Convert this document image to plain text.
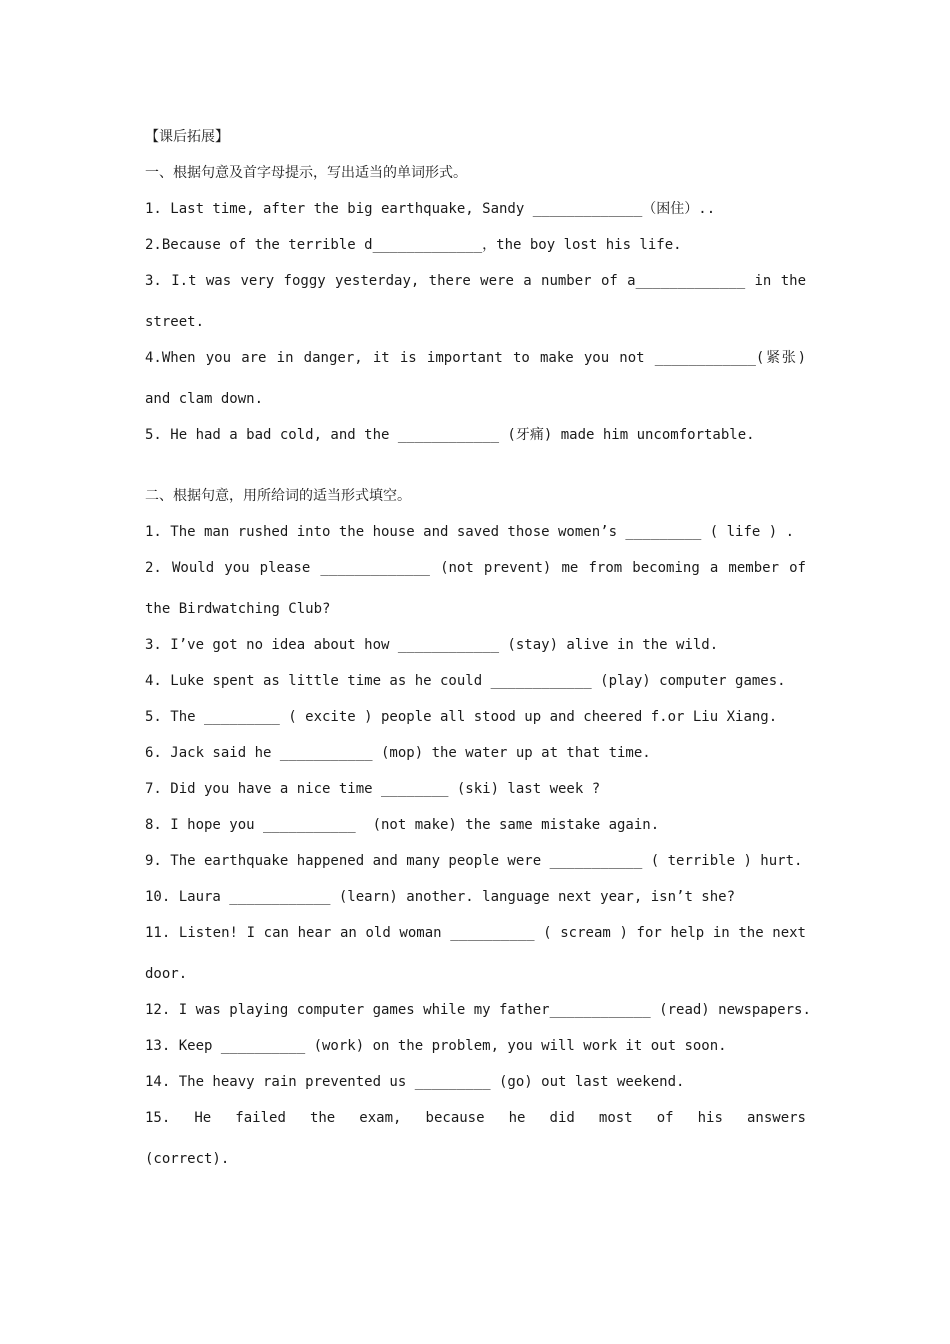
【课后拓展】
一、根据句意及首字母提示，写出适当的单词形式。
1. Last time, after the big earthquake, Sandy _____________（困住）..
2.Because of the terrible d_____________，the boy lost his life.
3. I.t was very foggy yesterday, there were a number of a_____________ in the
street.
4.When you are in danger, it is important to make you not ____________(紧张)
and clam down.
5. He had a bad cold, and the ____________ (牙痛) made him uncomfortable.
二、根据句意，用所给词的适当形式填空。
1. The man rushed into the house and saved those women’s _________ ( life ) .
2. Would you please _____________ (not prevent) me from becoming a member of
the Birdwatching Club?
3. I’ve got no idea about how ____________ (stay) alive in the wild.
4. Luke spent as little time as he could ____________ (play) computer games.
5. The _________ ( excite ) people all stood up and cheered f.or Liu Xiang.
6. Jack said he ___________ (mop) the water up at that time.
7. Did you have a nice time ________ (ski) last week ?
8. I hope you ___________  (not make) the same mistake again.
9. The earthquake happened and many people were ___________ ( terrible ) hurt.
10. Laura ____________ (learn) another. language next year, isn’t she?
11. Listen! I can hear an old woman __________ ( scream ) for help in the next
door.
12. I was playing computer games while my father____________ (read) newspapers.
13. Keep __________ (work) on the problem, you will work it out soon.
14. The heavy rain prevented us _________ (go) out last weekend.
15. He failed the exam, because he did most of his answers
(correct).
